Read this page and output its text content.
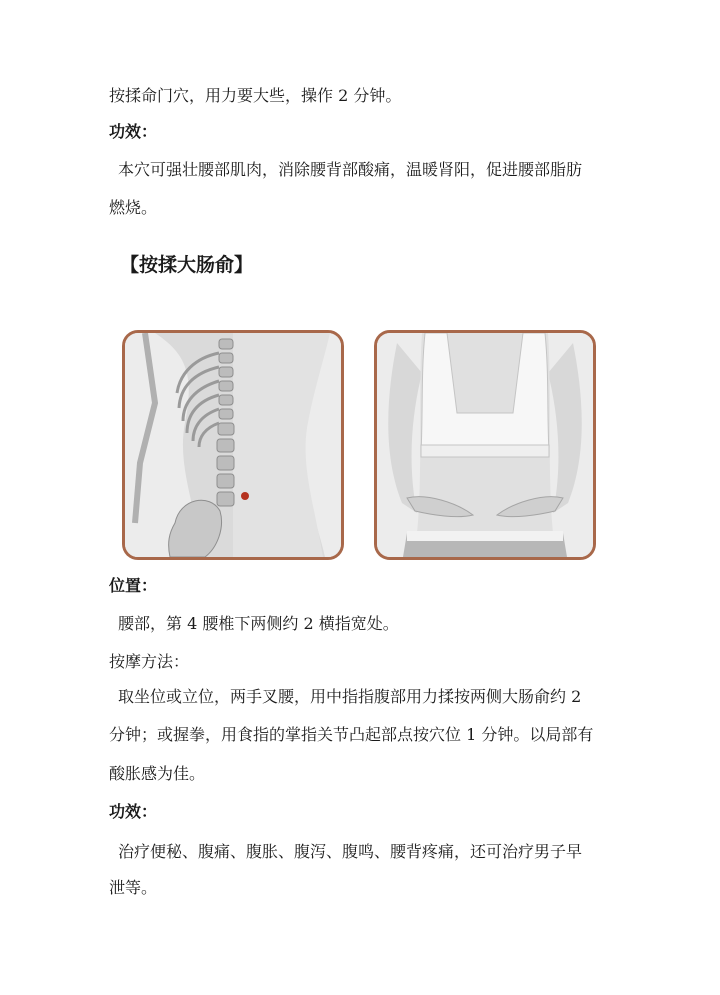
按揉命门穴，用力要大些，操作 2 分钟。
功效：
本穴可强壮腰部肌肉，消除腰背部酸痛，温暖肾阳，促进腰部脂肪
燃烧。
【按揉大肠俞】
位置：
腰部，第 4 腰椎下两侧约 2 横指宽处。
按摩方法：
取坐位或立位，两手叉腰，用中指指腹部用力揉按两侧大肠俞约 2
分钟；或握拳，用食指的掌指关节凸起部点按穴位 1 分钟。以局部有
酸胀感为佳。
功效：
治疗便秘、腹痛、腹胀、腹泻、腹鸣、腰背疼痛，还可治疗男子早
泄等。
